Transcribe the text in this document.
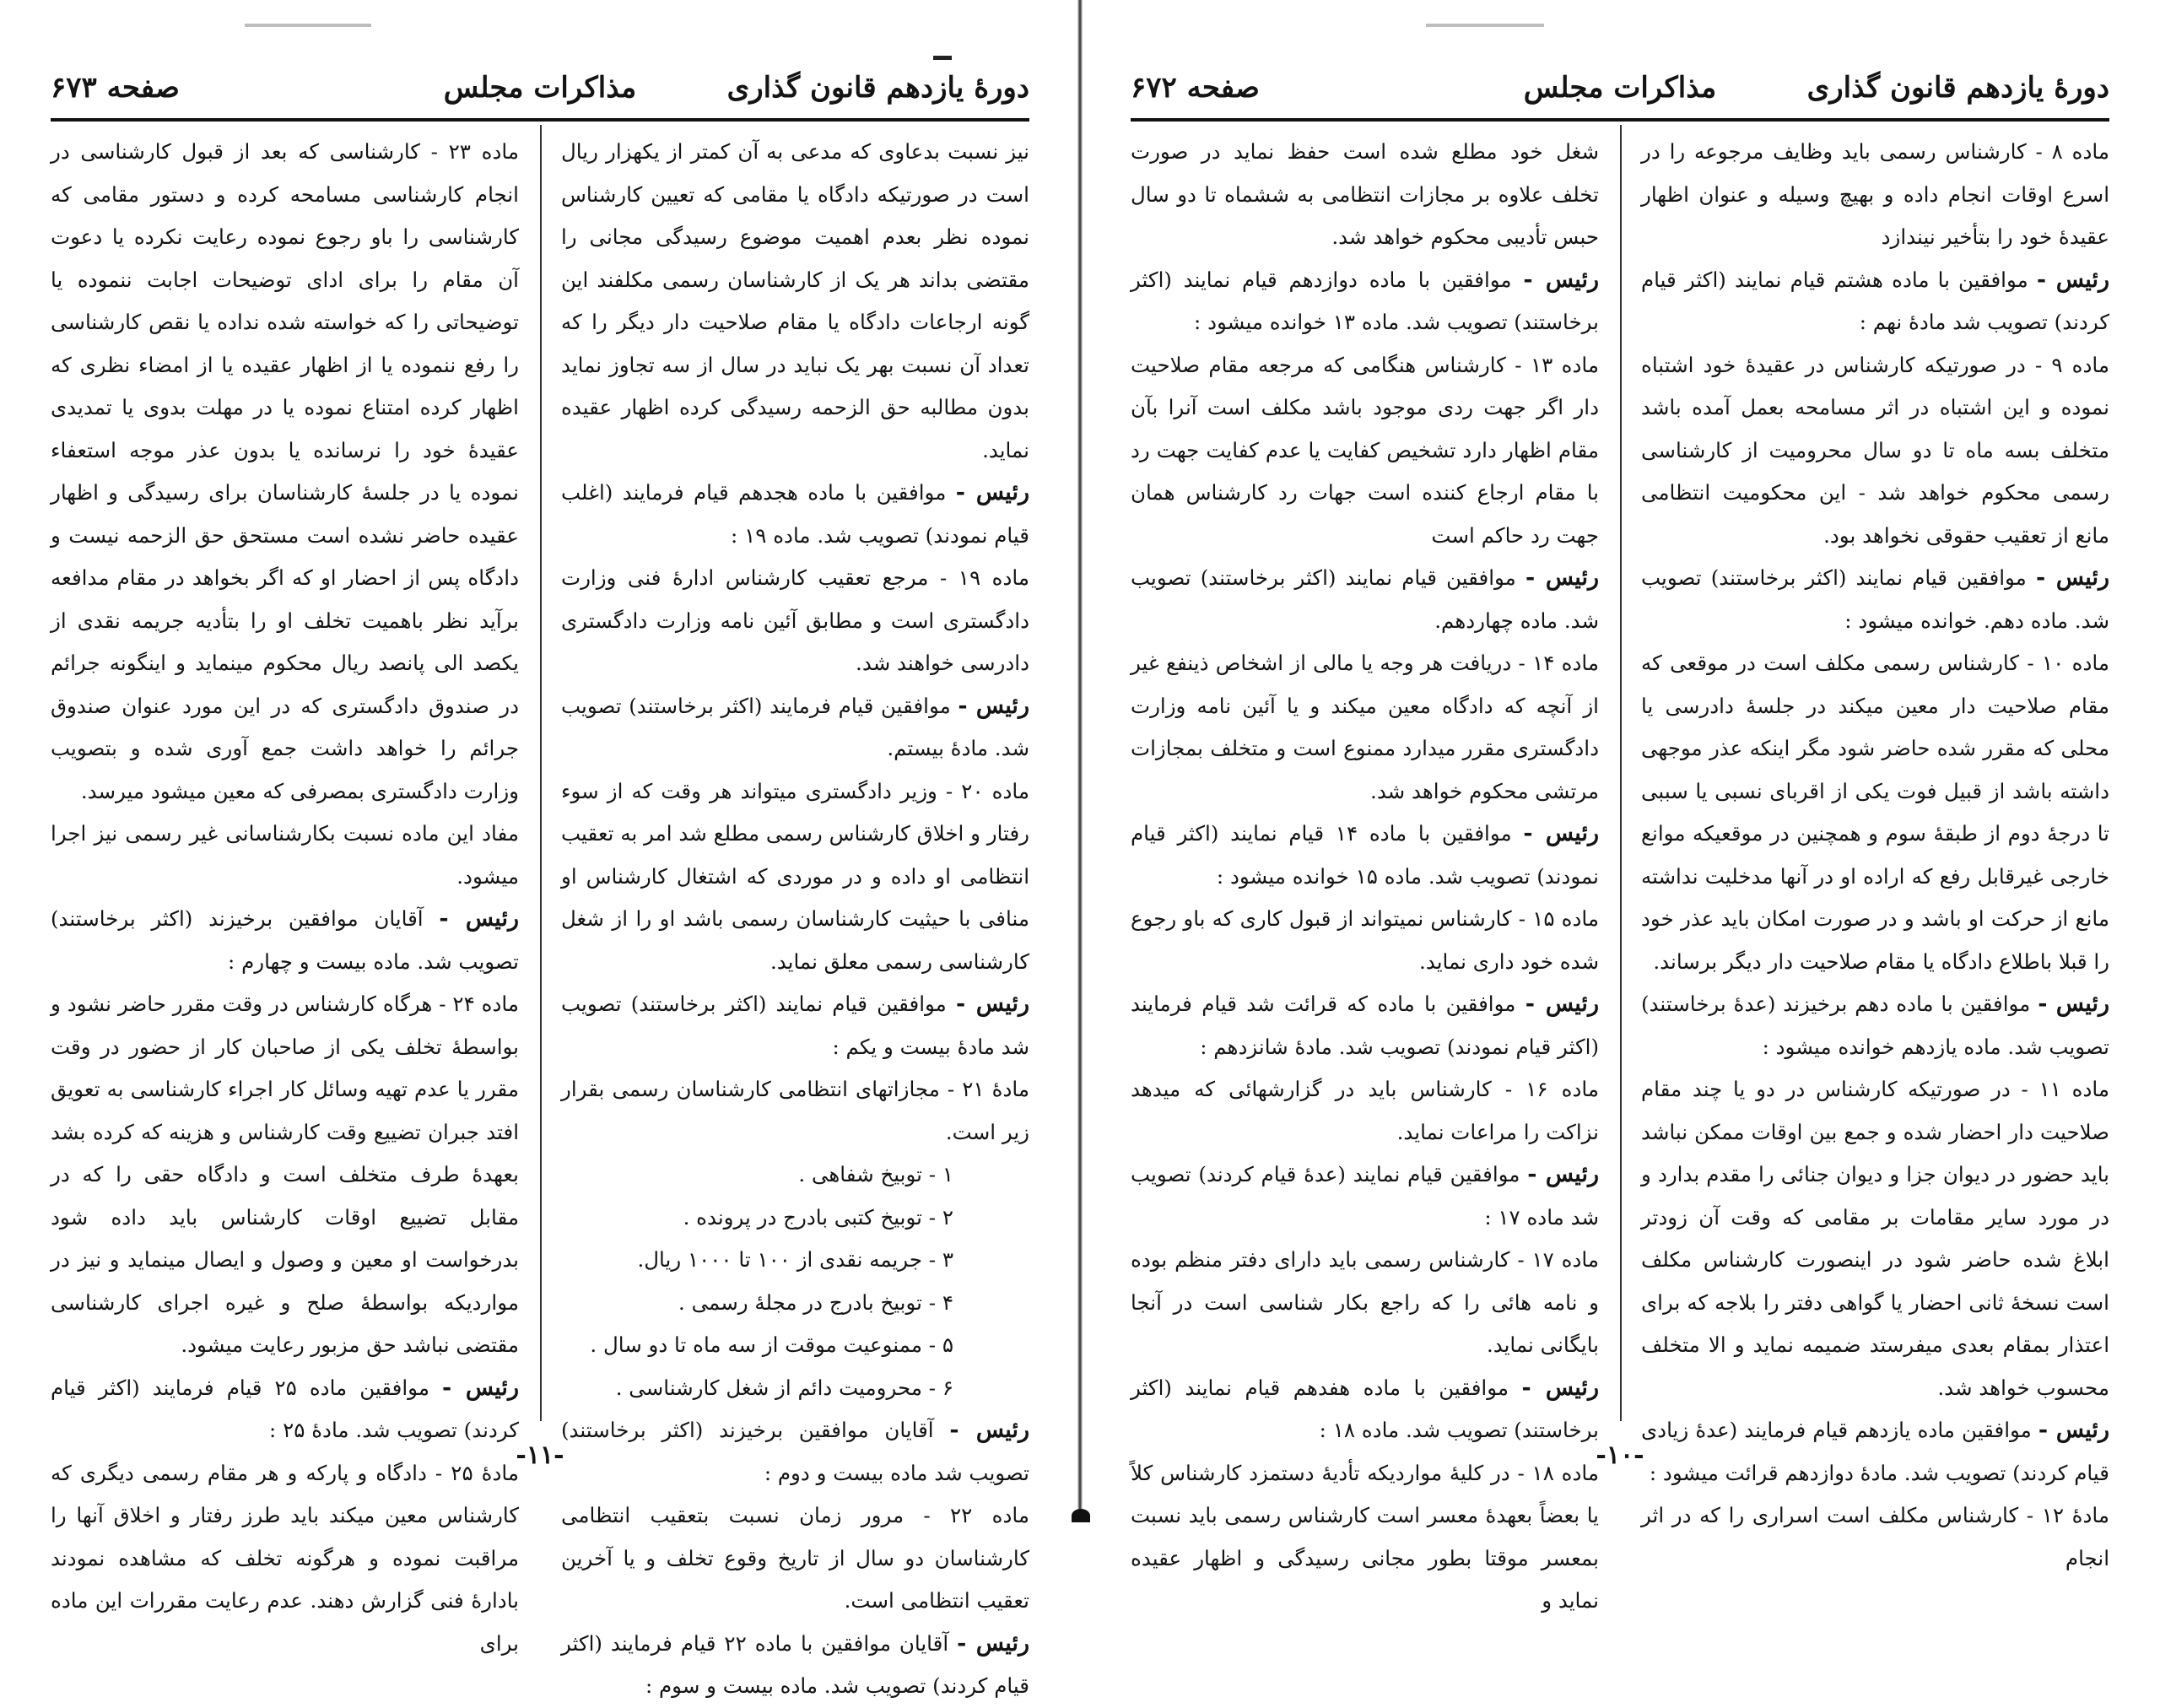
دورهٔ یازدهم قانون گذاری
مذاکرات مجلس
صفحه ۶۷۳

نیز نسبت بدعاوی که مدعی به آن کمتر از یکهزار ریال است در صورتیکه دادگاه یا مقامی که تعیین کارشناس نموده نظر بعدم اهمیت موضوع رسیدگی مجانی را مقتضی بداند هر یک از کارشناسان رسمی مکلفند این گونه ارجاعات دادگاه یا مقام صلاحیت دار دیگر را که تعداد آن نسبت بهر یک نباید در سال از سه تجاوز نماید بدون مطالبه حق الزحمه رسیدگی کرده اظهار عقیده نماید.

رئیس - موافقین با ماده هجدهم قیام فرمایند (اغلب قیام نمودند) تصویب شد. ماده ۱۹ :

ماده ۱۹ - مرجع تعقیب کارشناس ادارهٔ فنی وزارت دادگستری است و مطابق آئین نامه وزارت دادگستری دادرسی خواهند شد.

رئیس - موافقین قیام فرمایند (اکثر برخاستند) تصویب شد. مادهٔ بیستم.

ماده ۲۰ - وزیر دادگستری میتواند هر وقت که از سوء رفتار و اخلاق کارشناس رسمی مطلع شد امر به تعقیب انتظامی او داده و در موردی که اشتغال کارشناس او منافی با حیثیت کارشناسان رسمی باشد او را از شغل کارشناسی رسمی معلق نماید.

رئیس - موافقین قیام نمایند (اکثر برخاستند) تصویب شد مادهٔ بیست و یکم :

مادهٔ ۲۱ - مجازاتهای انتظامی کارشناسان رسمی بقرار زیر است.

۱ - توبیخ شفاهی .

۲ - توبیخ کتبی بادرج در پرونده .

۳ - جریمه نقدی از ۱۰۰ تا ۱۰۰۰ ریال.

۴ - توبیخ بادرج در مجلهٔ رسمی .

۵ - ممنوعیت موقت از سه ماه تا دو سال .

۶ - محرومیت دائم از شغل کارشناسی .

رئیس - آقایان موافقین برخیزند (اکثر برخاستند) تصویب شد ماده بیست و دوم :

ماده ۲۲ - مرور زمان نسبت بتعقیب انتظامی کارشناسان دو سال از تاریخ وقوع تخلف و یا آخرین تعقیب انتظامی است.

رئیس - آقایان موافقین با ماده ۲۲ قیام فرمایند (اکثر قیام کردند) تصویب شد. ماده بیست و سوم :

ماده ۲۳ - کارشناسی که بعد از قبول کارشناسی در انجام کارشناسی مسامحه کرده و دستور مقامی که کارشناسی را باو رجوع نموده رعایت نکرده یا دعوت آن مقام را برای ادای توضیحات اجابت ننموده یا توضیحاتی را که خواسته شده نداده یا نقص کارشناسی را رفع ننموده یا از اظهار عقیده یا از امضاء نظری که اظهار کرده امتناع نموده یا در مهلت بدوی یا تمدیدی عقیدهٔ خود را نرسانده یا بدون عذر موجه استعفاء نموده یا در جلسهٔ کارشناسان برای رسیدگی و اظهار عقیده حاضر نشده است مستحق حق الزحمه نیست و دادگاه پس از احضار او که اگر بخواهد در مقام مدافعه برآید نظر باهمیت تخلف او را بتأدیه جریمه نقدی از یکصد الی پانصد ریال محکوم مینماید و اینگونه جرائم در صندوق دادگستری که در این مورد عنوان صندوق جرائم را خواهد داشت جمع آوری شده و بتصویب وزارت دادگستری بمصرفی که معین میشود میرسد.

مفاد این ماده نسبت بکارشناسانی غیر رسمی نیز اجرا میشود.

رئیس - آقایان موافقین برخیزند (اکثر برخاستند) تصویب شد. ماده بیست و چهارم :

ماده ۲۴ - هرگاه کارشناس در وقت مقرر حاضر نشود و بواسطهٔ تخلف یکی از صاحبان کار از حضور در وقت مقرر یا عدم تهیه وسائل کار اجراء کارشناسی به تعویق افتد جبران تضییع وقت کارشناس و هزینه که کرده بشد بعهدهٔ طرف متخلف است و دادگاه حقی را که در مقابل تضییع اوقات کارشناس باید داده شود بدرخواست او معین و وصول و ایصال مینماید و نیز در مواردیکه بواسطهٔ صلح و غیره اجرای کارشناسی مقتضی نباشد حق مزبور رعایت میشود.

رئیس - موافقین ماده ۲۵ قیام فرمایند (اکثر قیام کردند) تصویب شد. مادهٔ ۲۵ :

مادهٔ ۲۵ - دادگاه و پارکه و هر مقام رسمی دیگری که کارشناس معین میکند باید طرز رفتار و اخلاق آنها را مراقبت نموده و هرگونه تخلف که مشاهده نمودند بادارهٔ فنی گزارش دهند. عدم رعایت مقررات این ماده برای

-۱۱-
دورهٔ یازدهم قانون گذاری
مذاکرات مجلس
صفحه ۶۷۲

ماده ۸ - کارشناس رسمی باید وظایف مرجوعه را در اسرع اوقات انجام داده و بهیچ وسیله و عنوان اظهار عقیدهٔ خود را بتأخیر نیندازد

رئیس - موافقین با ماده هشتم قیام نمایند (اکثر قیام کردند) تصویب شد مادهٔ نهم :

ماده ۹ - در صورتیکه کارشناس در عقیدهٔ خود اشتباه نموده و این اشتباه در اثر مسامحه بعمل آمده باشد متخلف بسه ماه تا دو سال محرومیت از کارشناسی رسمی محکوم خواهد شد - این محکومیت انتظامی مانع از تعقیب حقوقی نخواهد بود.

رئیس - موافقین قیام نمایند (اکثر برخاستند) تصویب شد. ماده دهم. خوانده میشود :

ماده ۱۰ - کارشناس رسمی مکلف است در موقعی که مقام صلاحیت دار معین میکند در جلسهٔ دادرسی یا محلی که مقرر شده حاضر شود مگر اینکه عذر موجهی داشته باشد از قبیل فوت یکی از اقربای نسبی یا سببی تا درجهٔ دوم از طبقهٔ سوم و همچنین در موقعیکه موانع خارجی غیرقابل رفع که اراده او در آنها مدخلیت نداشته مانع از حرکت او باشد و در صورت امکان باید عذر خود را قبلا باطلاع دادگاه یا مقام صلاحیت دار دیگر برساند.

رئیس - موافقین با ماده دهم برخیزند (عدهٔ برخاستند) تصویب شد. ماده یازدهم خوانده میشود :

ماده ۱۱ - در صورتیکه کارشناس در دو یا چند مقام صلاحیت دار احضار شده و جمع بین اوقات ممکن نباشد باید حضور در دیوان جزا و دیوان جنائی را مقدم بدارد و در مورد سایر مقامات بر مقامی که وقت آن زودتر ابلاغ شده حاضر شود در اینصورت کارشناس مکلف است نسخهٔ ثانی احضار یا گواهی دفتر را بلاجه که برای اعتذار بمقام بعدی میفرستد ضمیمه نماید و الا متخلف محسوب خواهد شد.

رئیس - موافقین ماده یازدهم قیام فرمایند (عدهٔ زیادی قیام کردند) تصویب شد. مادهٔ دوازدهم قرائت میشود :

مادهٔ ۱۲ - کارشناس مکلف است اسراری را که در اثر انجام

شغل خود مطلع شده است حفظ نماید در صورت تخلف علاوه بر مجازات انتظامی به ششماه تا دو سال حبس تأدیبی محکوم خواهد شد.

رئیس - موافقین با ماده دوازدهم قیام نمایند (اکثر برخاستند) تصویب شد. ماده ۱۳ خوانده میشود :

ماده ۱۳ - کارشناس هنگامی که مرجعه مقام صلاحیت دار اگر جهت ردی موجود باشد مکلف است آنرا بآن مقام اظهار دارد تشخیص کفایت یا عدم کفایت جهت رد با مقام ارجاع کننده است جهات رد کارشناس همان جهت رد حاکم است

رئیس - موافقین قیام نمایند (اکثر برخاستند) تصویب شد. ماده چهاردهم.

ماده ۱۴ - دریافت هر وجه یا مالی از اشخاص ذینفع غیر از آنچه که دادگاه معین میکند و یا آئین نامه وزارت دادگستری مقرر میدارد ممنوع است و متخلف بمجازات مرتشی محکوم خواهد شد.

رئیس - موافقین با ماده ۱۴ قیام نمایند (اکثر قیام نمودند) تصویب شد. ماده ۱۵ خوانده میشود :

ماده ۱۵ - کارشناس نمیتواند از قبول کاری که باو رجوع شده خود داری نماید.

رئیس - موافقین با ماده که قرائت شد قیام فرمایند (اکثر قیام نمودند) تصویب شد. مادهٔ شانزدهم :

ماده ۱۶ - کارشناس باید در گزارشهائی که میدهد نزاکت را مراعات نماید.

رئیس - موافقین قیام نمایند (عدهٔ قیام کردند) تصویب شد ماده ۱۷ :

ماده ۱۷ - کارشناس رسمی باید دارای دفتر منظم بوده و نامه هائی را که راجع بکار شناسی است در آنجا بایگانی نماید.

رئیس - موافقین با ماده هفدهم قیام نمایند (اکثر برخاستند) تصویب شد. ماده ۱۸ :

ماده ۱۸ - در کلیهٔ مواردیکه تأدیهٔ دستمزد کارشناس کلاً یا بعضاً بعهدهٔ معسر است کارشناس رسمی باید نسبت بمعسر موقتا بطور مجانی رسیدگی و اظهار عقیده نماید و

-۱۰-
